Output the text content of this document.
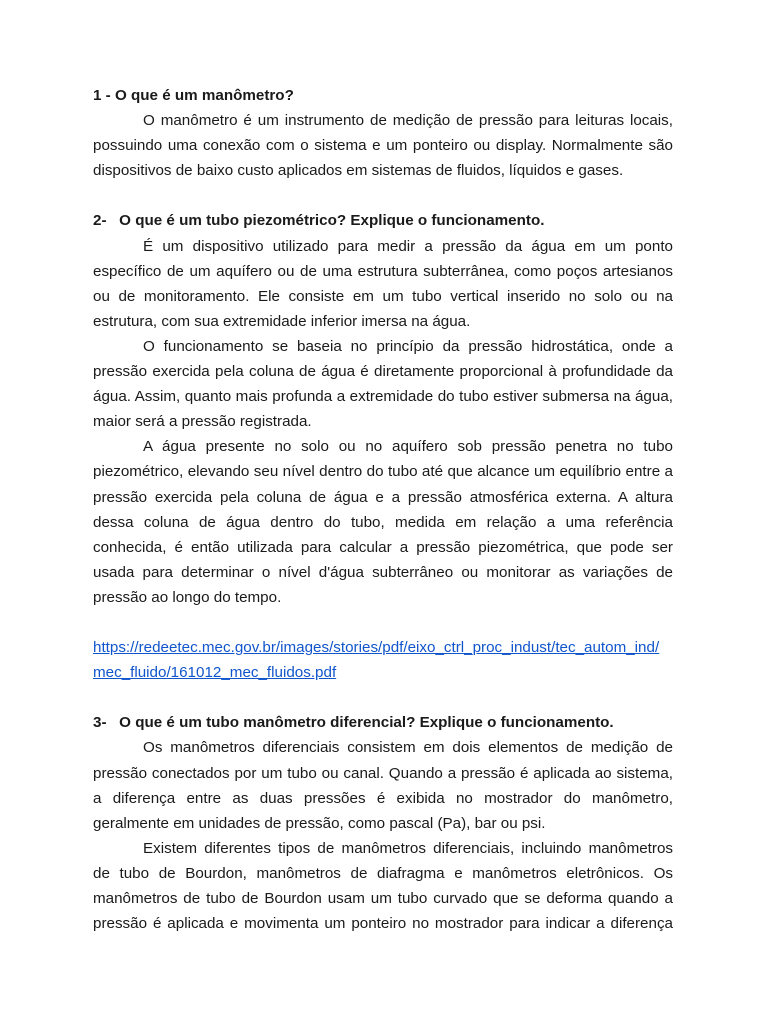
1 - O que é um manômetro?

O manômetro é um instrumento de medição de pressão para leituras locais, possuindo uma conexão com o sistema e um ponteiro ou display. Normalmente são dispositivos de baixo custo aplicados em sistemas de fluidos, líquidos e gases.

2-   O que é um tubo piezométrico? Explique o funcionamento.

É um dispositivo utilizado para medir a pressão da água em um ponto específico de um aquífero ou de uma estrutura subterrânea, como poços artesianos ou de monitoramento. Ele consiste em um tubo vertical inserido no solo ou na estrutura, com sua extremidade inferior imersa na água.

O funcionamento se baseia no princípio da pressão hidrostática, onde a pressão exercida pela coluna de água é diretamente proporcional à profundidade da água. Assim, quanto mais profunda a extremidade do tubo estiver submersa na água, maior será a pressão registrada.

A água presente no solo ou no aquífero sob pressão penetra no tubo piezométrico, elevando seu nível dentro do tubo até que alcance um equilíbrio entre a pressão exercida pela coluna de água e a pressão atmosférica externa. A altura dessa coluna de água dentro do tubo, medida em relação a uma referência conhecida, é então utilizada para calcular a pressão piezométrica, que pode ser usada para determinar o nível d'água subterrâneo ou monitorar as variações de pressão ao longo do tempo.

https://redeetec.mec.gov.br/images/stories/pdf/eixo_ctrl_proc_indust/tec_autom_ind/
mec_fluido/161012_mec_fluidos.pdf

3-   O que é um tubo manômetro diferencial? Explique o funcionamento.

Os manômetros diferenciais consistem em dois elementos de medição de pressão conectados por um tubo ou canal. Quando a pressão é aplicada ao sistema, a diferença entre as duas pressões é exibida no mostrador do manômetro, geralmente em unidades de pressão, como pascal (Pa), bar ou psi.

Existem diferentes tipos de manômetros diferenciais, incluindo manômetros de tubo de Bourdon, manômetros de diafragma e manômetros eletrônicos. Os manômetros de tubo de Bourdon usam um tubo curvado que se deforma quando a pressão é aplicada e movimenta um ponteiro no mostrador para indicar a diferença
